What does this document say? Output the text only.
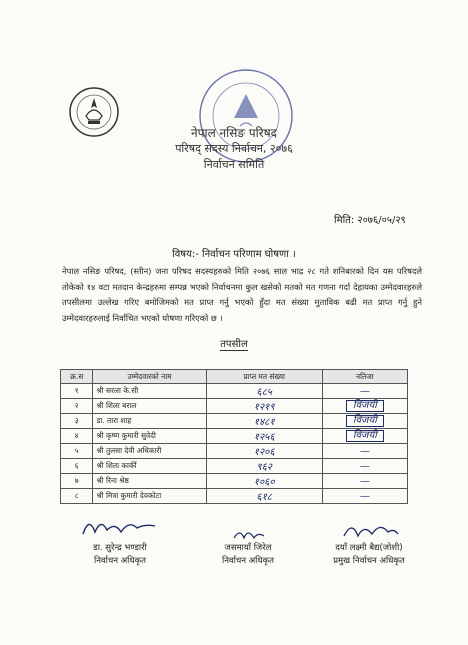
नेपाल नसिङ परिषद
परिषद् सदस्य निर्वाचन, २०७६
निर्वाचन समिति
मिति: २०७६/०५/२९
विषय:- निर्वाचन परिणाम घोषणा ।
नेपाल नसिङ परिषद, (स्तीन) जना परिषद सदस्यहरुको मिति २०७६ साल भाद्र २८ गते शनिबारको दिन यस परिषदले तोकेको १४ वटा मतदान केन्द्रहरुमा सम्पन्न भएको निर्वाचनमा कुल खसेको मतको मत गणना गर्दा देहायका उम्मेदवारहरुले तपसीलमा उल्लेख गरिए बमोजिमको मत प्राप्त गर्नु भएको हुँदा मत संख्या मुताविक बढी मत प्राप्त गर्नु हुने उम्मेदवारहरुलाई निर्वाचित भएको घोषणा गरिएको छ ।
तपसील
क्र.स	उम्मेदवारको नाम	प्राप्त मत संख्या	नतिजा
१	श्री सरला के.सी	६८५	—
२	श्री शिला बराल	१२१९	विजयी
३	डा. तारा शाह	१४८१	विजयी
४	श्री कृष्ण कुमारी सुवेदी	१२५६	विजयी
५	श्री तुलसा देवी अधिकारी	१२०६	—
६	श्री शिता कार्की	९६२	—
७	श्री रिना श्रेष्ठ	१०६०	—
८	श्री मित्रा कुमारी देवकोटा	६१८	—
डा. सुरेन्द्र भण्डारी
निर्वाचन अधिकृत
जसमायाँ जिरेल
निर्वाचन अधिकृत
दयाँ लक्ष्मी बैद्य(जोशी)
प्रमुख निर्वाचन अधिकृत
